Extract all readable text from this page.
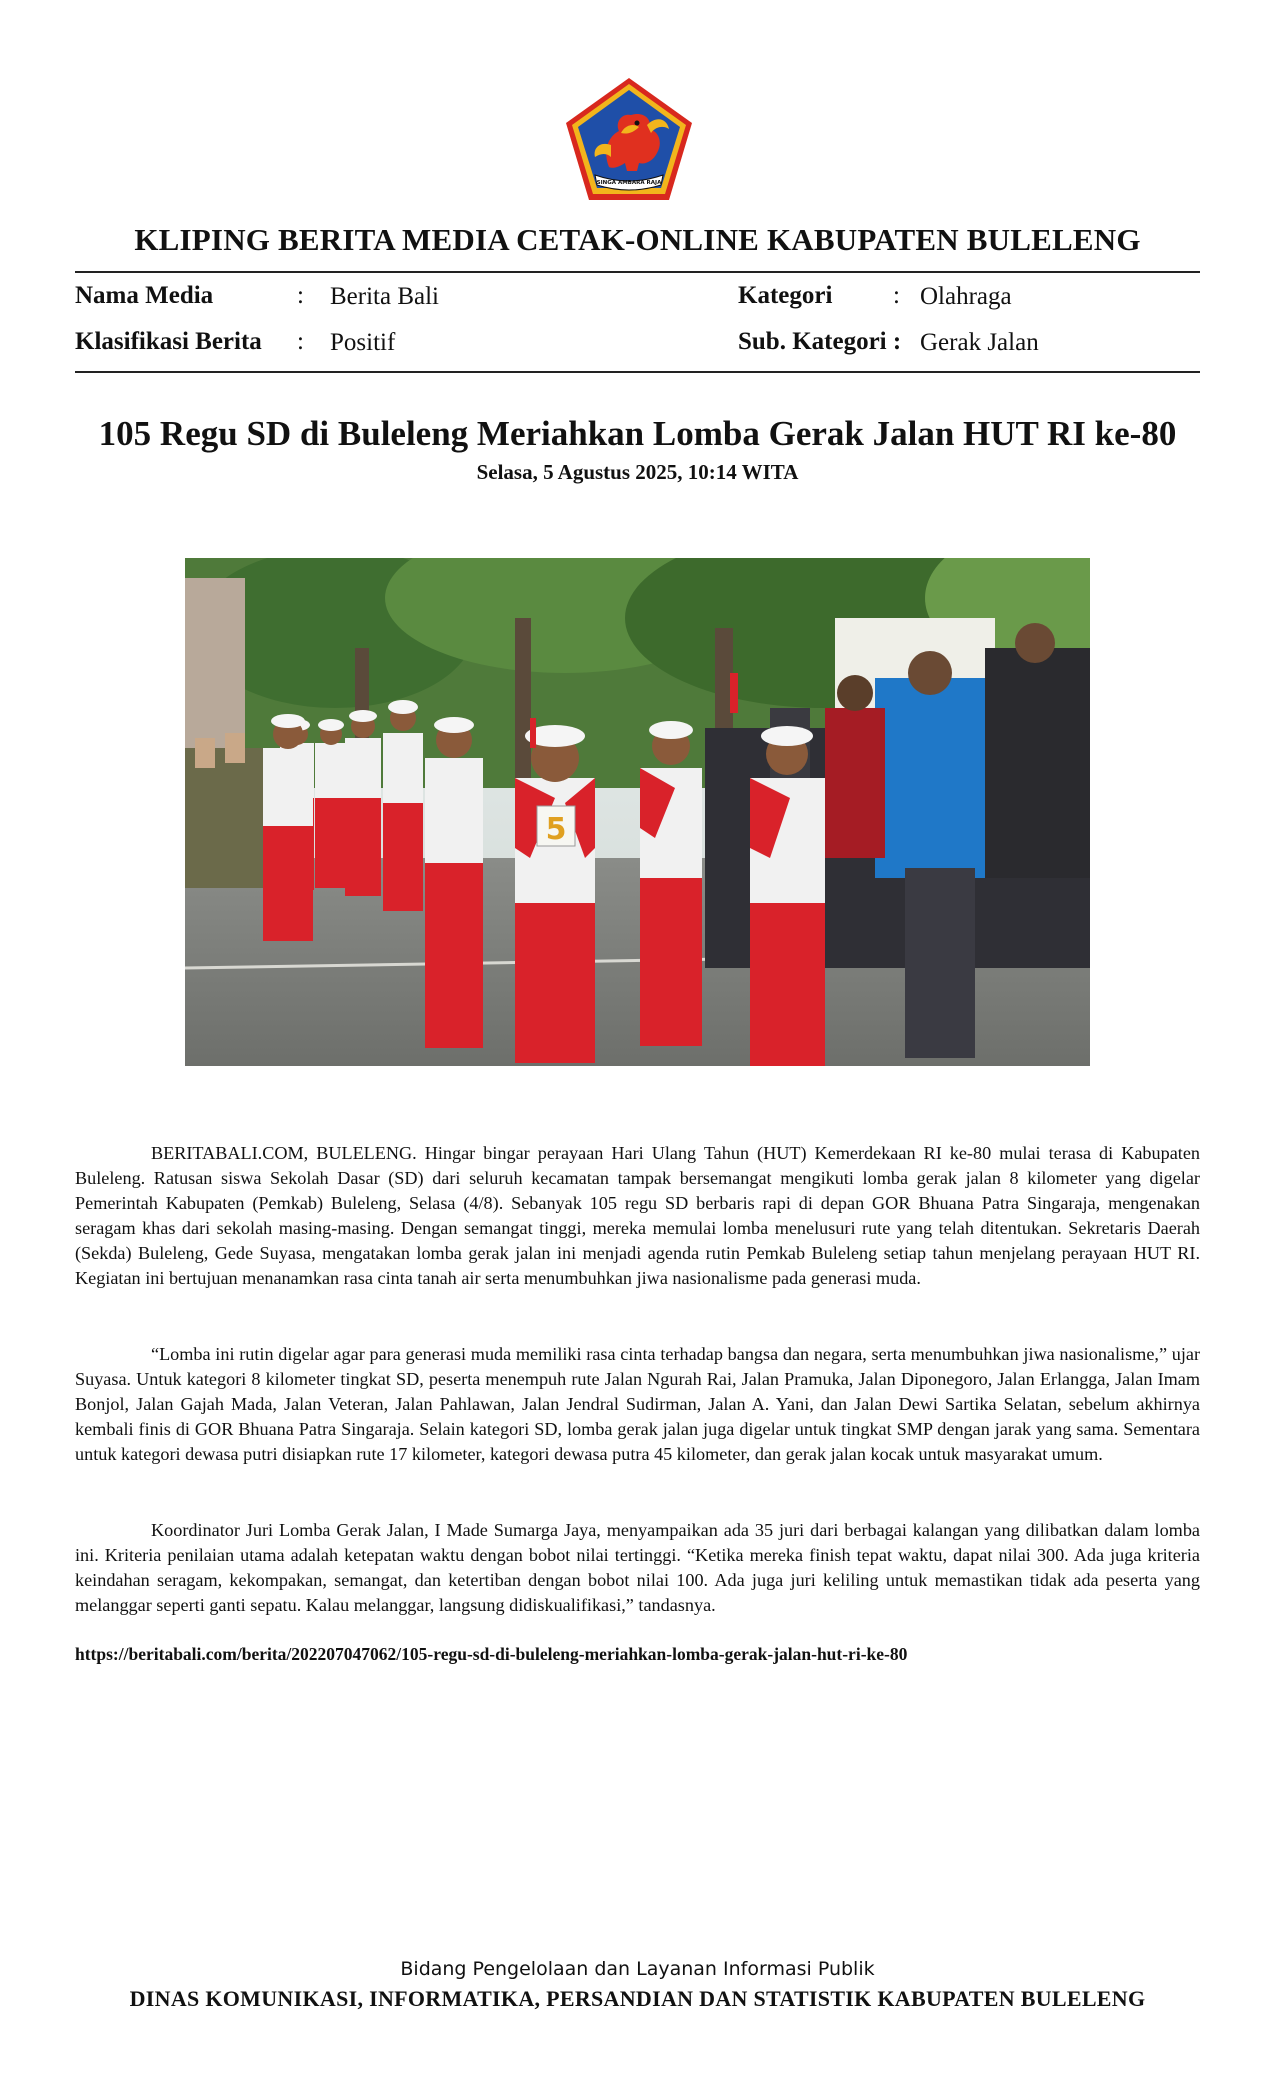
SINGA AMBARA RAJA
KLIPING BERITA MEDIA CETAK-ONLINE KABUPATEN BULELENG
Nama Media	: Berita Bali
Klasifikasi Berita : Positif
Kategori : Olahraga
Sub. Kategori : Gerak Jalan
105 Regu SD di Buleleng Meriahkan Lomba Gerak Jalan HUT RI ke-80
Selasa, 5 Agustus 2025, 10:14 WITA
5

BERITABALI.COM, BULELENG. Hingar bingar perayaan Hari Ulang Tahun (HUT) Kemerdekaan RI ke-80 mulai terasa di Kabupaten Buleleng. Ratusan siswa Sekolah Dasar (SD) dari seluruh kecamatan tampak bersemangat mengikuti lomba gerak jalan 8 kilometer yang digelar Pemerintah Kabupaten (Pemkab) Buleleng, Selasa (4/8). Sebanyak 105 regu SD berbaris rapi di depan GOR Bhuana Patra Singaraja, mengenakan seragam khas dari sekolah masing-masing. Dengan semangat tinggi, mereka memulai lomba menelusuri rute yang telah ditentukan. Sekretaris Daerah (Sekda) Buleleng, Gede Suyasa, mengatakan lomba gerak jalan ini menjadi agenda rutin Pemkab Buleleng setiap tahun menjelang perayaan HUT RI. Kegiatan ini bertujuan menanamkan rasa cinta tanah air serta menumbuhkan jiwa nasionalisme pada generasi muda.

“Lomba ini rutin digelar agar para generasi muda memiliki rasa cinta terhadap bangsa dan negara, serta menumbuhkan jiwa nasionalisme,” ujar Suyasa. Untuk kategori 8 kilometer tingkat SD, peserta menempuh rute Jalan Ngurah Rai, Jalan Pramuka, Jalan Diponegoro, Jalan Erlangga, Jalan Imam Bonjol, Jalan Gajah Mada, Jalan Veteran, Jalan Pahlawan, Jalan Jendral Sudirman, Jalan A. Yani, dan Jalan Dewi Sartika Selatan, sebelum akhirnya kembali finis di GOR Bhuana Patra Singaraja. Selain kategori SD, lomba gerak jalan juga digelar untuk tingkat SMP dengan jarak yang sama. Sementara untuk kategori dewasa putri disiapkan rute 17 kilometer, kategori dewasa putra 45 kilometer, dan gerak jalan kocak untuk masyarakat umum.

Koordinator Juri Lomba Gerak Jalan, I Made Sumarga Jaya, menyampaikan ada 35 juri dari berbagai kalangan yang dilibatkan dalam lomba ini. Kriteria penilaian utama adalah ketepatan waktu dengan bobot nilai tertinggi. “Ketika mereka finish tepat waktu, dapat nilai 300. Ada juga kriteria keindahan seragam, kekompakan, semangat, dan ketertiban dengan bobot nilai 100. Ada juga juri keliling untuk memastikan tidak ada peserta yang melanggar seperti ganti sepatu. Kalau melanggar, langsung didiskualifikasi,” tandasnya.

https://beritabali.com/berita/202207047062/105-regu-sd-di-buleleng-meriahkan-lomba-gerak-jalan-hut-ri-ke-80
Bidang Pengelolaan dan Layanan Informasi Publik
DINAS KOMUNIKASI, INFORMATIKA, PERSANDIAN DAN STATISTIK KABUPATEN BULELENG
